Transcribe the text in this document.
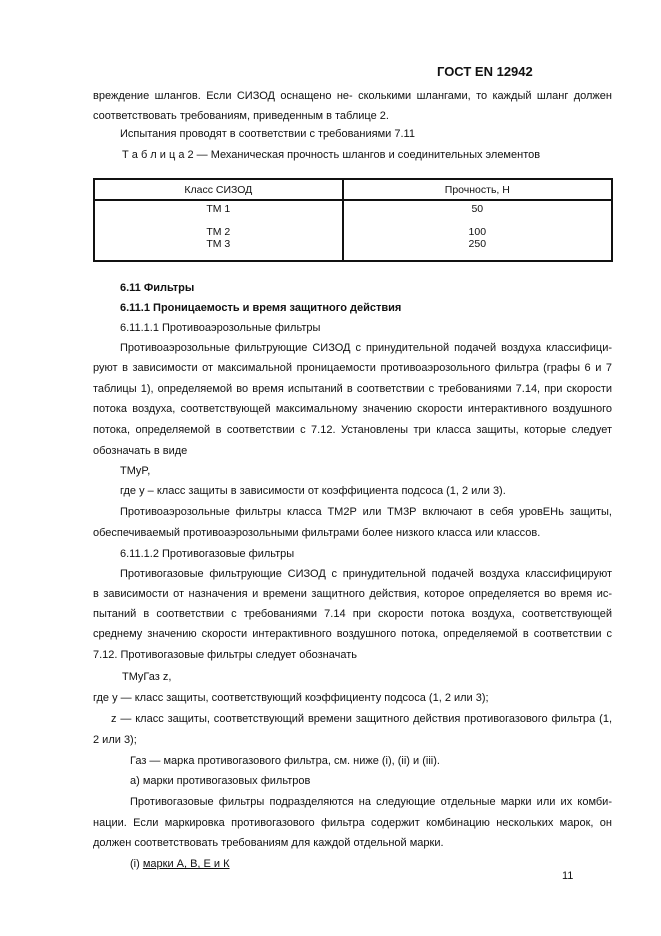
ГОСТ EN 12942
вреждение шлангов. Если СИЗОД оснащено не- сколькими шлангами, то каждый шланг должен
соответствовать требованиям, приведенным в таблице 2.
Испытания проводят в соответствии с требованиями 7.11
Т а б л и ц а 2 — Механическая прочность шлангов и соединительных элементов
Класс СИЗОД	Прочность, Н
ТМ 1	50
ТМ 2	100
ТМ 3	250
6.11 Фильтры
6.11.1 Проницаемость и время защитного действия
6.11.1.1 Противоаэрозольные фильтры
Противоаэрозольные фильтрующие СИЗОД с принудительной подачей воздуха классифици-
руют в зависимости от максимальной проницаемости противоаэрозольного фильтра (графы 6 и 7
таблицы 1), определяемой во время испытаний в соответствии с требованиями 7.14, при скорости
потока воздуха, соответствующей максимальному значению скорости интерактивного воздушного
потока, определяемой в соответствии с 7.12. Установлены три класса защиты, которые следует
обозначать в виде
ТМyP,
где y – класс защиты в зависимости от коэффициента подсоса (1, 2 или 3).
Противоаэрозольные фильтры класса ТМ2Р или ТМ3Р включают в себя уровЕНь защиты,
обеспечиваемый противоаэрозольными фильтрами более низкого класса или классов.
6.11.1.2 Противогазовые фильтры
Противогазовые фильтрующие СИЗОД с принудительной подачей воздуха классифицируют
в зависимости от назначения и времени защитного действия, которое определяется во время ис-
пытаний в соответствии с требованиями 7.14 при скорости потока воздуха, соответствующей
среднему значению скорости интерактивного воздушного потока, определяемой в соответствии с
7.12. Противогазовые фильтры следует обозначать
ТМyГаз z,
где y — класс защиты, соответствующий коэффициенту подсоса (1, 2 или 3);
z — класс защиты, соответствующий времени защитного действия противогазового фильтра (1,
2 или 3);
Газ — марка противогазового фильтра, см. ниже (i), (ii) и (iii).
а) марки противогазовых фильтров
Противогазовые фильтры подразделяются на следующие отдельные марки или их комби-
нации. Если маркировка противогазового фильтра содержит комбинацию нескольких марок, он
должен соответствовать требованиям для каждой отдельной марки.
(i) марки А, В, Е и К
11
